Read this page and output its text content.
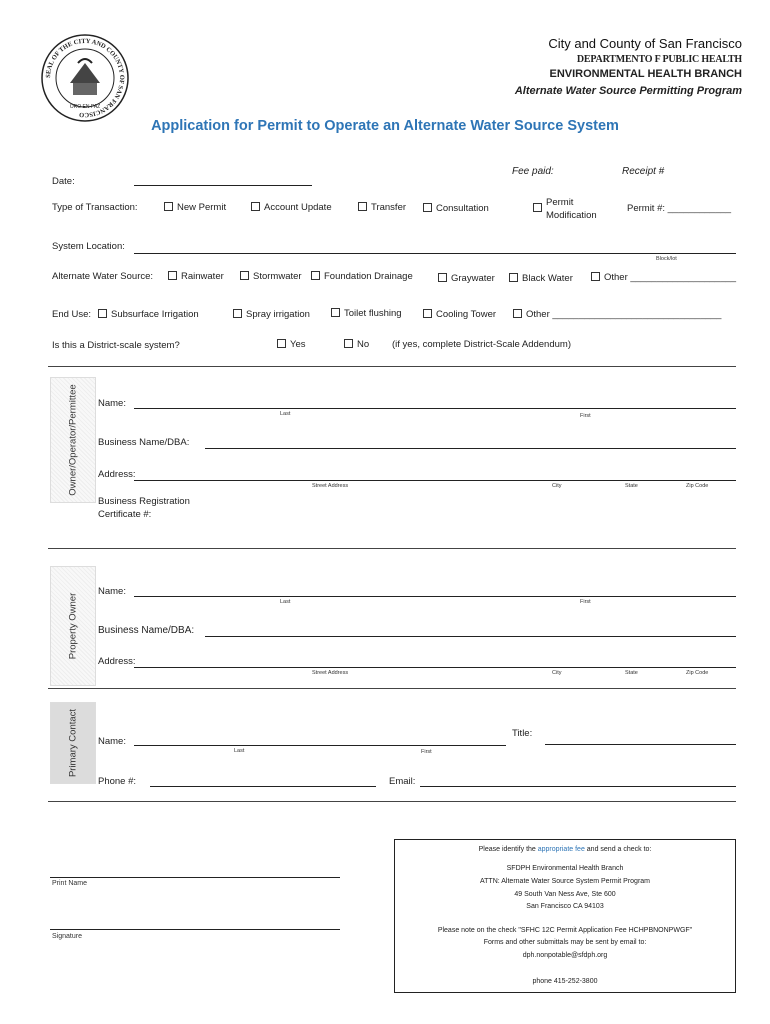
ORO EN PAZ
SEAL OF THE CITY AND COUNTY OF SAN FRANCISCO
City and County of San Francisco
DEPARTMENTO F PUBLIC HEALTH
ENVIRONMENTAL HEALTH BRANCH
Alternate Water Source Permitting Program
Application for Permit to Operate an Alternate Water Source System
Fee paid:	Receipt #
Date:
Type of Transaction:	New Permit	Account Update	Transfer	Consultation
Permit
Modification
Permit #: ____________
System Location:
Block/lot
Alternate Water Source:	Rainwater	Stormwater	Foundation Drainage	Graywater	Black Water	Other ____________________
End Use:	Subsurface Irrigation	Spray irrigation	Toilet flushing	Cooling Tower	Other ________________________________
Is this a District-scale system?	Yes	No (if yes, complete District-Scale Addendum)
Owner/Operator/Permittee Name:
Last	First
Business Name/DBA:
Address:
Street Address	City	State	Zip Code
Business Registration
Certificate #:
Property Owner
Name:
Last	First
Business Name/DBA:
Address:
Street Address	City	State	Zip Code
Primary Contact	Title:
Name:
Last	First
Phone #:	Email:
Print Name
Signature
Please identify the appropriate fee and send a check to:
SFDPH Environmental Health Branch
ATTN: Alternate Water Source System Permit Program
49 South Van Ness Ave, Ste 600
San Francisco CA 94103
Please note on the check "SFHC 12C Permit Application Fee HCHPBNONPWGF"
Forms and other submittals may be sent by email to:
dph.nonpotable@sfdph.org
phone 415-252-3800
